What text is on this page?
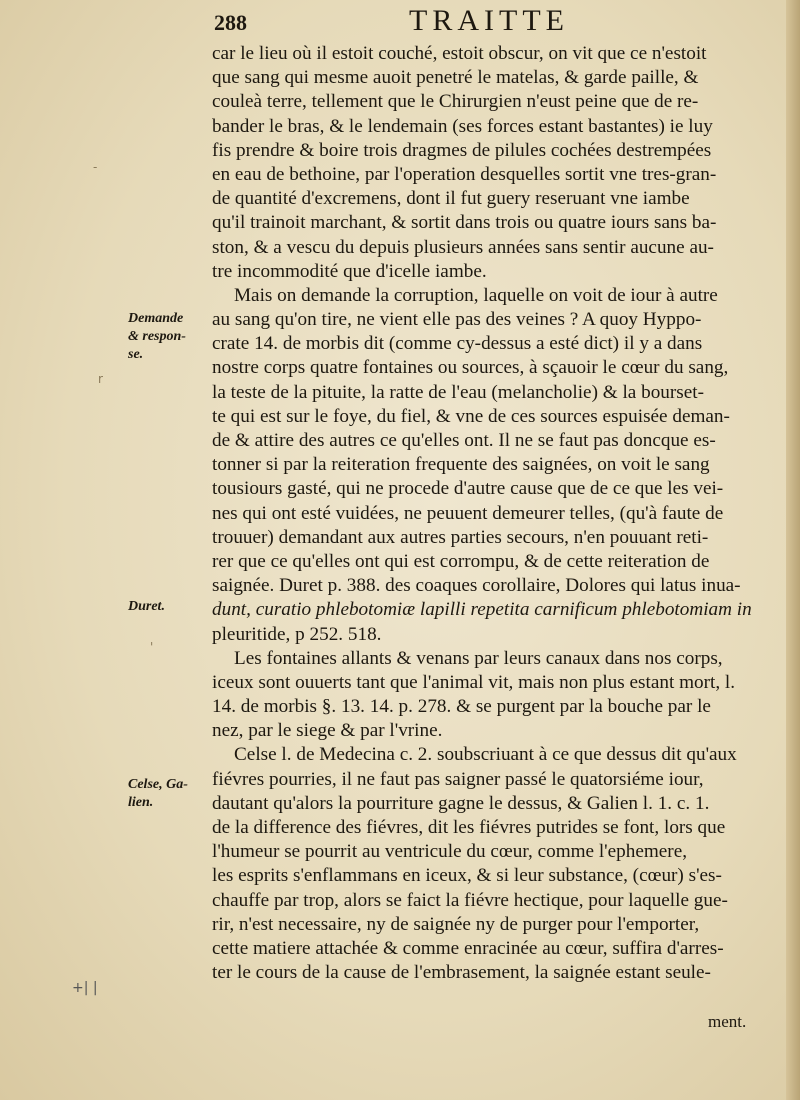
288	TRAITTE
Demande
& respon-
se.
Duret.
Celse, Ga-
lien.
-
r
'
+| |
car le lieu où il estoit couché, estoit obscur, on vit que ce n'estoit
que sang qui mesme auoit penetré le matelas, & garde paille, &
couleà terre, tellement que le Chirurgien n'eust peine que de re-
bander le bras, & le lendemain (ses forces estant bastantes) ie luy
fis prendre & boire trois dragmes de pilules cochées destrempées
en eau de bethoine, par l'operation desquelles sortit vne tres-gran-
de quantité d'excremens, dont il fut guery reseruant vne iambe
qu'il trainoit marchant, & sortit dans trois ou quatre iours sans ba-
ston, & a vescu du depuis plusieurs années sans sentir aucune au-
tre incommodité que d'icelle iambe.
Mais on demande la corruption, laquelle on voit de iour à autre
au sang qu'on tire, ne vient elle pas des veines ? A quoy Hyppo-
crate 14. de morbis dit (comme cy-dessus a esté dict) il y a dans
nostre corps quatre fontaines ou sources, à sçauoir le cœur du sang,
la teste de la pituite, la ratte de l'eau (melancholie) & la bourset-
te qui est sur le foye, du fiel, & vne de ces sources espuisée deman-
de & attire des autres ce qu'elles ont. Il ne se faut pas doncque es-
tonner si par la reiteration frequente des saignées, on voit le sang
tousiours gasté, qui ne procede d'autre cause que de ce que les vei-
nes qui ont esté vuidées, ne peuuent demeurer telles, (qu'à faute de
trouuer) demandant aux autres parties secours, n'en pouuant reti-
rer que ce qu'elles ont qui est corrompu, & de cette reiteration de
saignée. Duret p. 388. des coaques corollaire, Dolores qui latus inua-
dunt, curatio phlebotomiæ lapilli repetita carnificum phlebotomiam in
pleuritide, p 252. 518.
Les fontaines allants & venans par leurs canaux dans nos corps,
iceux sont ouuerts tant que l'animal vit, mais non plus estant mort, l.
14. de morbis §. 13. 14. p. 278. & se purgent par la bouche par le
nez, par le siege & par l'vrine.
Celse l. de Medecina c. 2. soubscriuant à ce que dessus dit qu'aux
fiévres pourries, il ne faut pas saigner passé le quatorsiéme iour,
dautant qu'alors la pourriture gagne le dessus, & Galien l. 1. c. 1.
de la difference des fiévres, dit les fiévres putrides se font, lors que
l'humeur se pourrit au ventricule du cœur, comme l'ephemere,
les esprits s'enflammans en iceux, & si leur substance, (cœur) s'es-
chauffe par trop, alors se faict la fiévre hectique, pour laquelle gue-
rir, n'est necessaire, ny de saignée ny de purger pour l'emporter,
cette matiere attachée & comme enracinée au cœur, suffira d'arres-
ter le cours de la cause de l'embrasement, la saignée estant seule-
ment.
